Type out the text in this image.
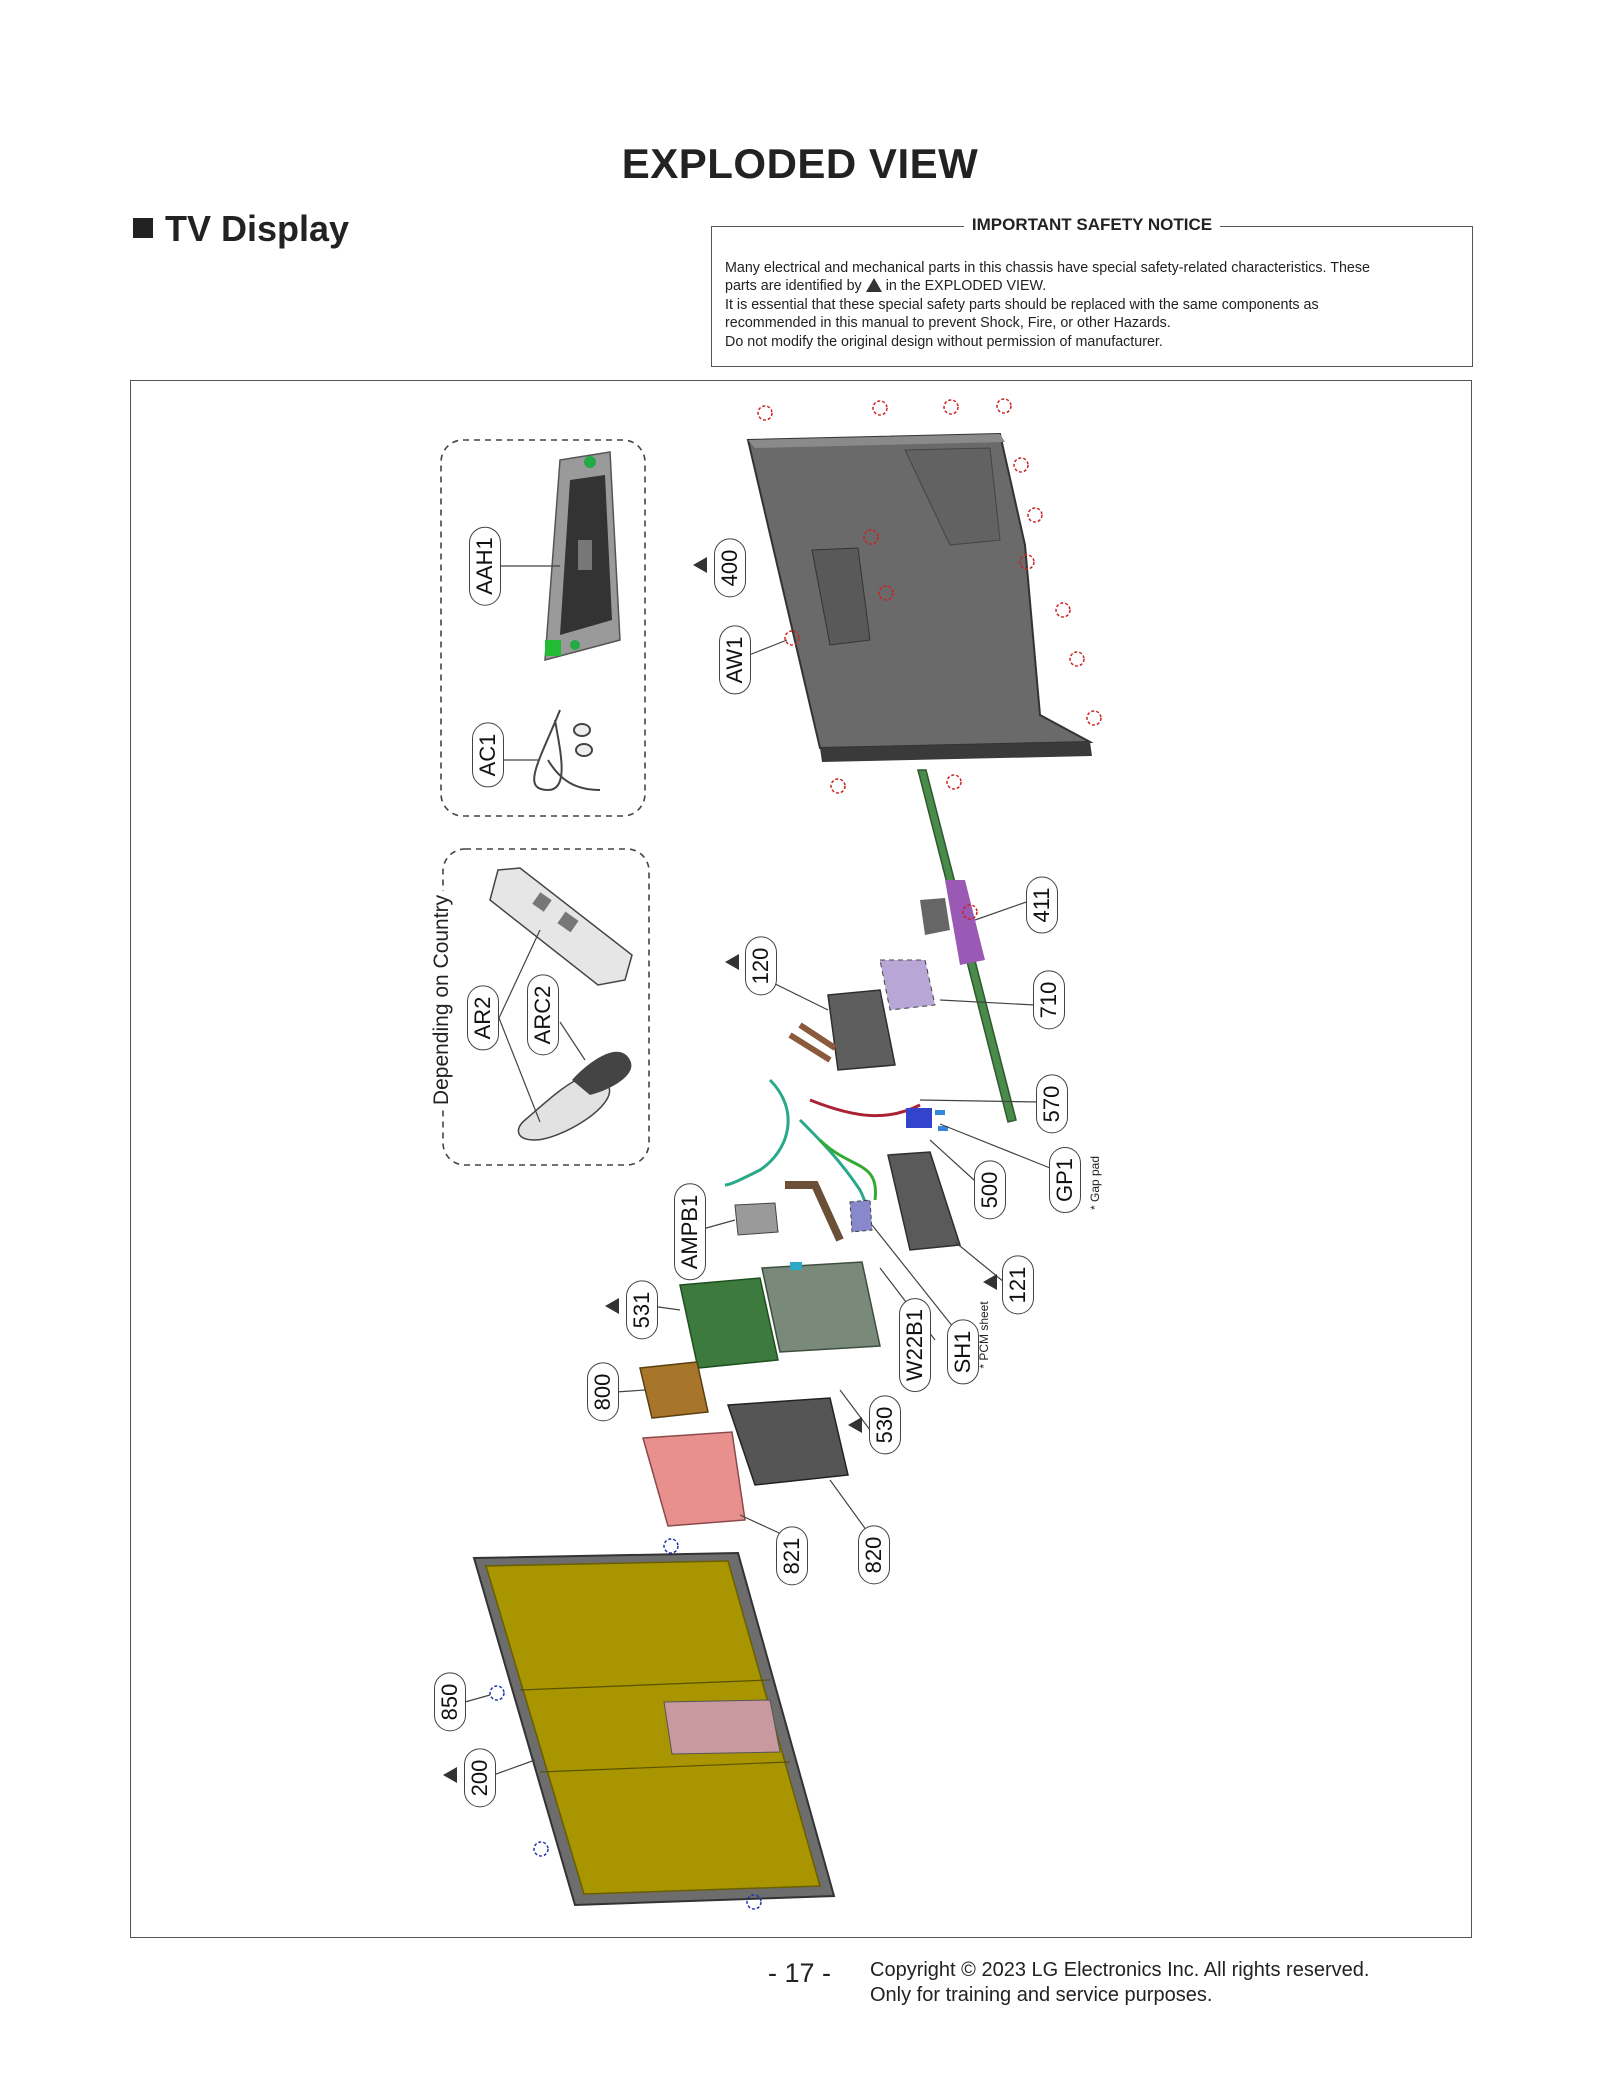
EXPLODED VIEW
TV Display	IMPORTANT SAFETY NOTICE

Many electrical and mechanical parts in this chassis have special safety-related characteristics. These

parts are identified by in the EXPLODED VIEW.

It is essential that these special safety parts should be replaced with the same components as

recommended in this manual to prevent Shock, Fire, or other Hazards.

Do not modify the original design without permission of manufacturer.

AAH1
AC1
AR2 ARC2
400
AW1
411
120
710
570
GP1
500
AMPB1
121
531	W22B1 SH1
800
530
821	820
850
200
Depending on Country
* Gap pad
* PCM sheet
- 17 - Copyright © 2023 LG Electronics Inc. All rights reserved.
Only for training and service purposes.
